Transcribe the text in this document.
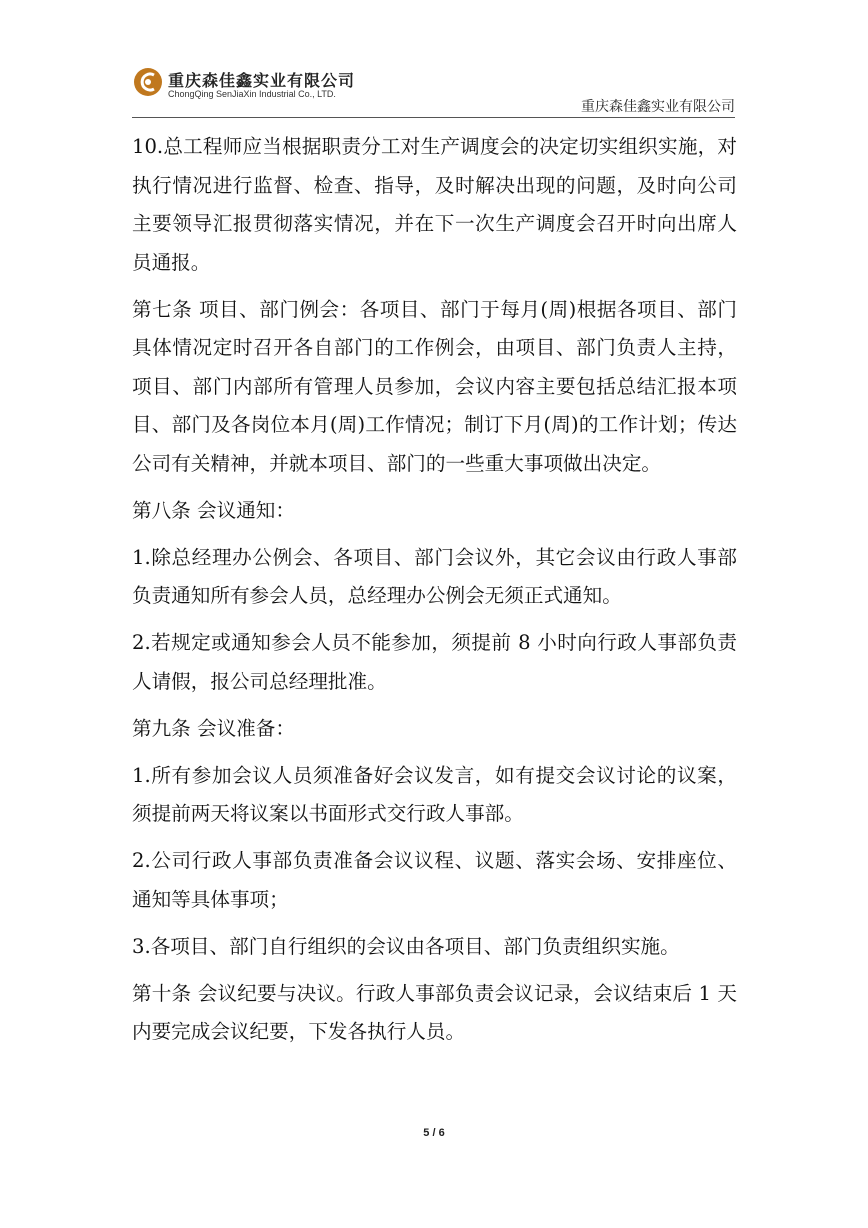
重庆森佳鑫实业有限公司
ChongQing SenJiaXin Industrial Co., LTD.
重庆森佳鑫实业有限公司

10.总工程师应当根据职责分工对生产调度会的决定切实组织实施，对执行情况进行监督、检查、指导，及时解决出现的问题，及时向公司主要领导汇报贯彻落实情况，并在下一次生产调度会召开时向出席人员通报。

第七条 项目、部门例会：各项目、部门于每月(周)根据各项目、部门具体情况定时召开各自部门的工作例会，由项目、部门负责人主持，项目、部门内部所有管理人员参加，会议内容主要包括总结汇报本项目、部门及各岗位本月(周)工作情况；制订下月(周)的工作计划；传达公司有关精神，并就本项目、部门的一些重大事项做出决定。

第八条 会议通知：

1.除总经理办公例会、各项目、部门会议外，其它会议由行政人事部负责通知所有参会人员，总经理办公例会无须正式通知。

2.若规定或通知参会人员不能参加，须提前 8 小时向行政人事部负责人请假，报公司总经理批准。

第九条 会议准备：

1.所有参加会议人员须准备好会议发言，如有提交会议讨论的议案，须提前两天将议案以书面形式交行政人事部。

2.公司行政人事部负责准备会议议程、议题、落实会场、安排座位、通知等具体事项；

3.各项目、部门自行组织的会议由各项目、部门负责组织实施。

第十条 会议纪要与决议。行政人事部负责会议记录，会议结束后 1 天内要完成会议纪要，下发各执行人员。

5 / 6
